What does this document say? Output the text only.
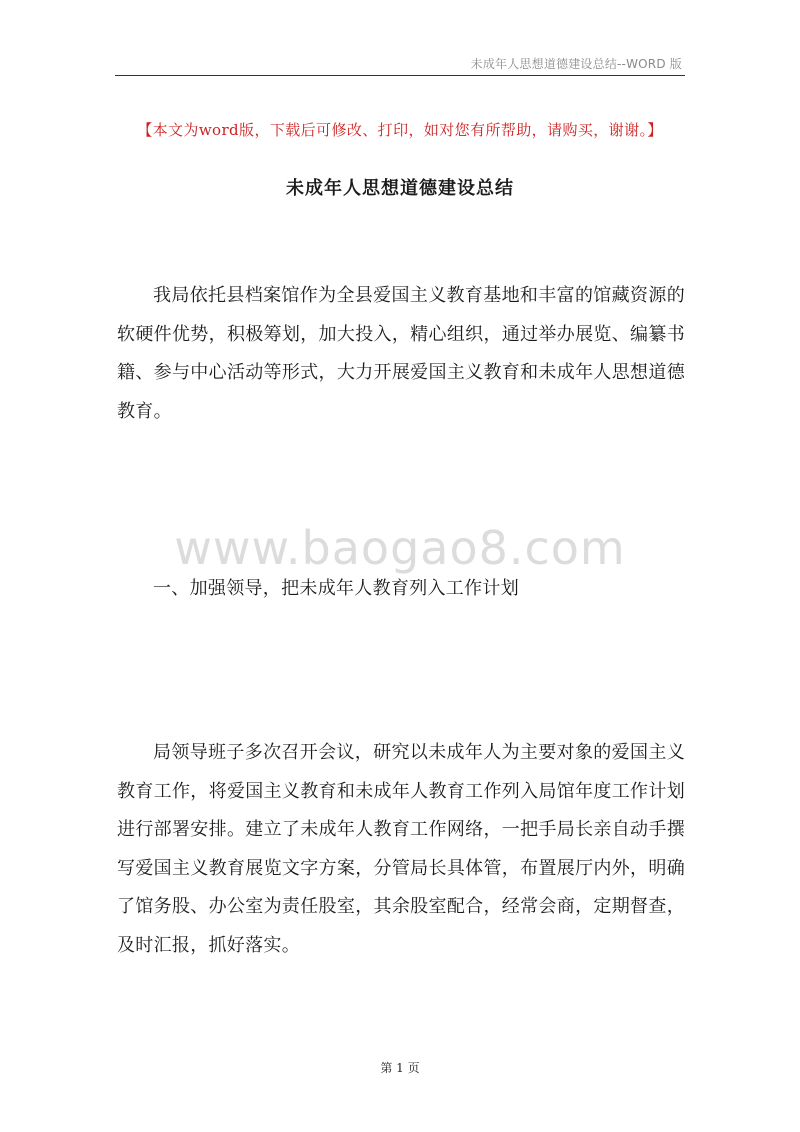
未成年人思想道德建设总结--WORD 版
【本文为word版，下载后可修改、打印，如对您有所帮助，请购买，谢谢。】
未成年人思想道德建设总结
我局依托县档案馆作为全县爱国主义教育基地和丰富的馆藏资源的软硬件优势，积极筹划，加大投入，精心组织，通过举办展览、编纂书籍、参与中心活动等形式，大力开展爱国主义教育和未成年人思想道德教育。
www.baogao8.com
一、加强领导，把未成年人教育列入工作计划
局领导班子多次召开会议，研究以未成年人为主要对象的爱国主义教育工作，将爱国主义教育和未成年人教育工作列入局馆年度工作计划进行部署安排。建立了未成年人教育工作网络，一把手局长亲自动手撰写爱国主义教育展览文字方案，分管局长具体管，布置展厅内外，明确了馆务股、办公室为责任股室，其余股室配合，经常会商，定期督查，及时汇报，抓好落实。
第 1 页
